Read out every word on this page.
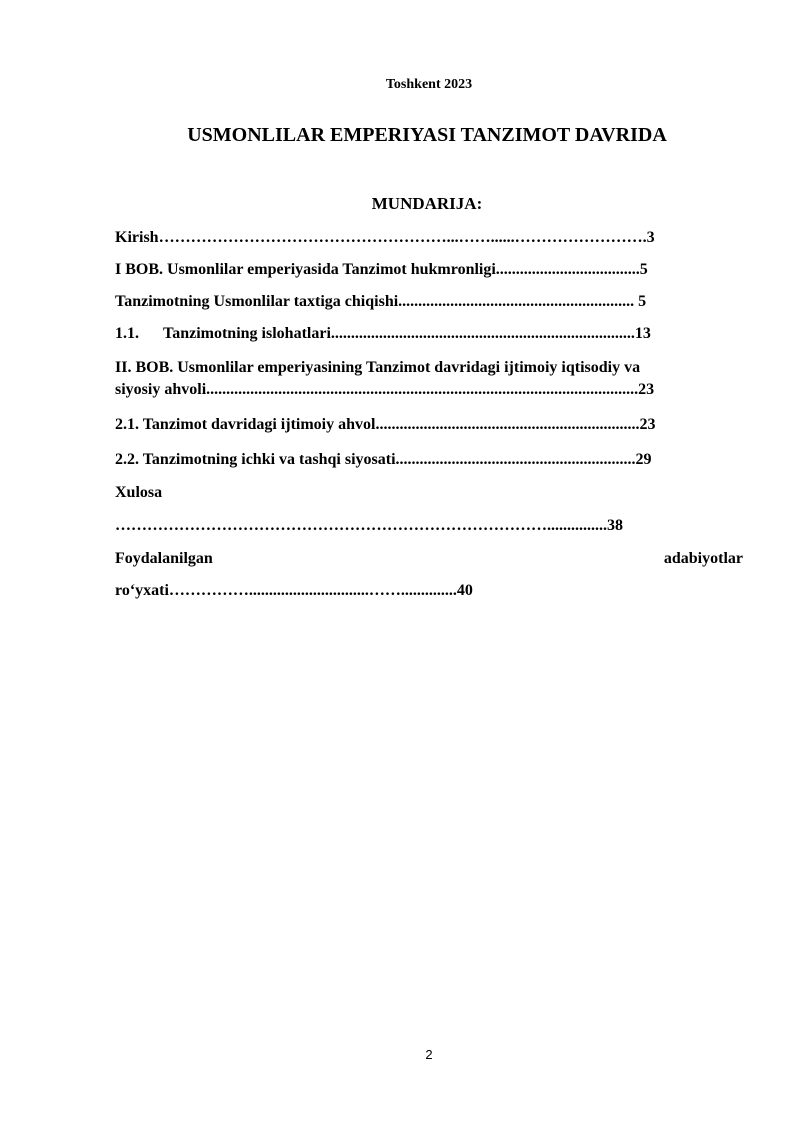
Toshkent 2023
USMONLILAR EMPERIYASI TANZIMOT DAVRIDA
MUNDARIJA:
Kirish………………………………………………...……......…………………….3
I BOB. Usmonlilar emperiyasida Tanzimot hukmronligi....................................5
Tanzimotning Usmonlilar taxtiga chiqishi........................................................... 5
1.1. Tanzimotning islohatlari............................................................................13
II. BOB. Usmonlilar emperiyasining Tanzimot davridagi ijtimoiy iqtisodiy va
siyosiy ahvoli............................................................................................................23
2.1. Tanzimot davridagi ijtimoiy ahvol..................................................................23
2.2. Tanzimotning ichki va tashqi siyosati............................................................29
Xulosa
………………………………………………………………………...............38
Foydalanilgan	adabiyotlar
ro‘yxati……………..............................……..............40
2
